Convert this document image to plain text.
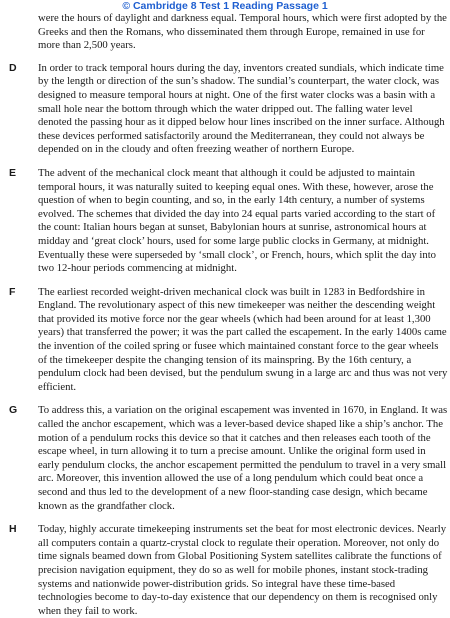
© Cambridge 8 Test 1 Reading Passage 1

were the hours of daylight and darkness equal. Temporal hours, which were first adopted by the Greeks and then the Romans, who disseminated them through Europe, remained in use for more than 2,500 years.

D In order to track temporal hours during the day, inventors created sundials, which indicate time by the length or direction of the sun’s shadow. The sundial’s counterpart, the water clock, was designed to measure temporal hours at night. One of the first water clocks was a basin with a small hole near the bottom through which the water dripped out. The falling water level denoted the passing hour as it dipped below hour lines inscribed on the inner surface. Although these devices performed satisfactorily around the Mediterranean, they could not always be depended on in the cloudy and often freezing weather of northern Europe.

E The advent of the mechanical clock meant that although it could be adjusted to maintain temporal hours, it was naturally suited to keeping equal ones. With these, however, arose the question of when to begin counting, and so, in the early 14th century, a number of systems evolved. The schemes that divided the day into 24 equal parts varied according to the start of the count: Italian hours began at sunset, Babylonian hours at sunrise, astronomical hours at midday and ‘great clock’ hours, used for some large public clocks in Germany, at midnight. Eventually these were superseded by ‘small clock’, or French, hours, which split the day into two 12-hour periods commencing at midnight.

F The earliest recorded weight-driven mechanical clock was built in 1283 in Bedfordshire in England. The revolutionary aspect of this new timekeeper was neither the descending weight that provided its motive force nor the gear wheels (which had been around for at least 1,300 years) that transferred the power; it was the part called the escapement. In the early 1400s came the invention of the coiled spring or fusee which maintained constant force to the gear wheels of the timekeeper despite the changing tension of its mainspring. By the 16th century, a pendulum clock had been devised, but the pendulum swung in a large arc and thus was not very efficient.

G To address this, a variation on the original escapement was invented in 1670, in England. It was called the anchor escapement, which was a lever-based device shaped like a ship’s anchor. The motion of a pendulum rocks this device so that it catches and then releases each tooth of the escape wheel, in turn allowing it to turn a precise amount. Unlike the original form used in early pendulum clocks, the anchor escapement permitted the pendulum to travel in a very small arc. Moreover, this invention allowed the use of a long pendulum which could beat once a second and thus led to the development of a new floor-standing case design, which became known as the grandfather clock.

H Today, highly accurate timekeeping instruments set the beat for most electronic devices. Nearly all computers contain a quartz-crystal clock to regulate their operation. Moreover, not only do time signals beamed down from Global Positioning System satellites calibrate the functions of precision navigation equipment, they do so as well for mobile phones, instant stock-trading systems and nationwide power-distribution grids. So integral have these time-based technologies become to day-to-day existence that our dependency on them is recognised only when they fail to work.
